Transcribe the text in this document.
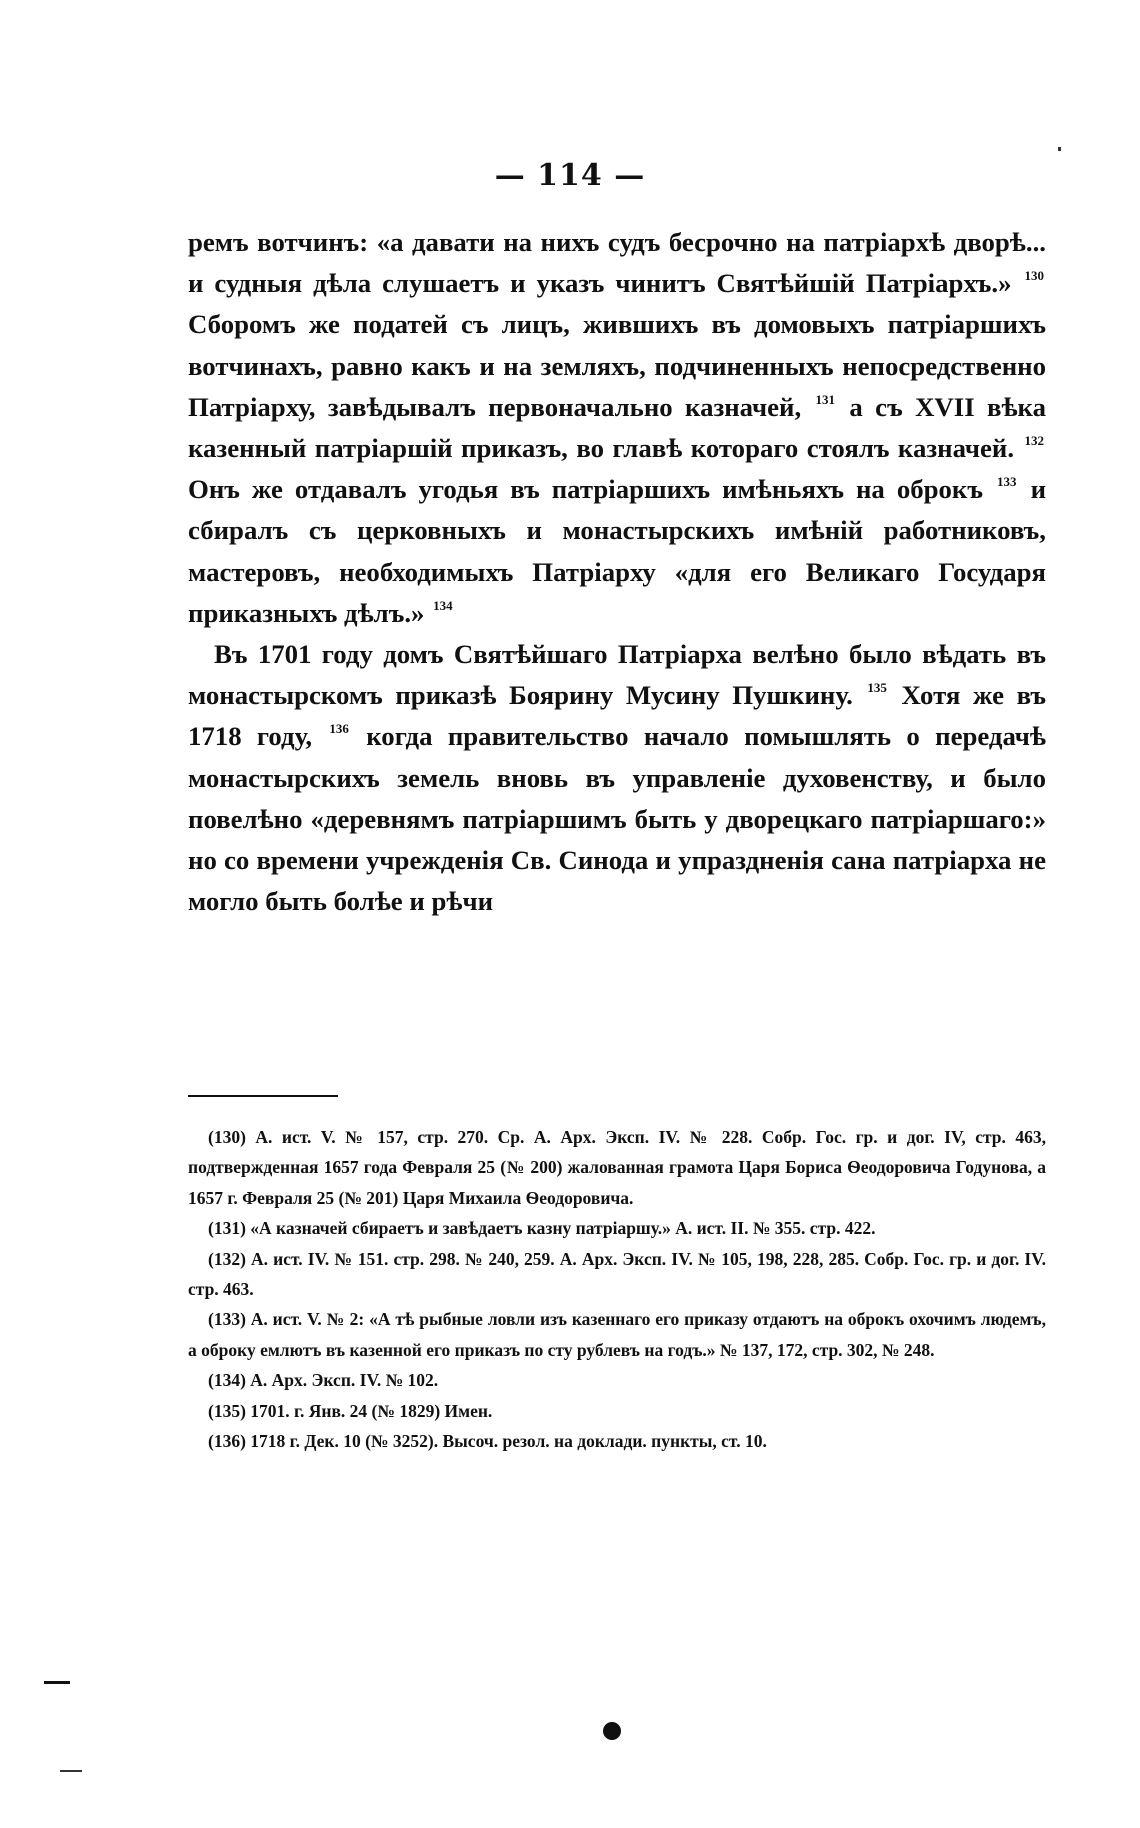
— 114 —

ремъ вотчинъ: «а давати на нихъ судъ бесрочно на патріархѣ дворѣ... и судныя дѣла слушаетъ и указъ чинитъ Святѣйшій Патріархъ.» $^{130}$ Сборомъ же податей съ лицъ, жившихъ въ домовыхъ патріаршихъ вотчинахъ, равно какъ и на земляхъ, подчиненныхъ непосредственно Патріарху, завѣдывалъ первоначально казначей, $^{131}$ а съ XVII вѣка казенный патріаршій приказъ, во главѣ котораго стоялъ казначей. $^{132}$ Онъ же отдавалъ угодья въ патріаршихъ имѣньяхъ на оброкъ $^{133}$ и сбиралъ съ церковныхъ и монастырскихъ имѣній работниковъ, мастеровъ, необходимыхъ Патріарху «для его Великаго Государя приказныхъ дѣлъ.» $^{134}$

Въ 1701 году домъ Святѣйшаго Патріарха велѣно было вѣдать въ монастырскомъ приказѣ Боярину Мусину Пушкину. $^{135}$ Хотя же въ 1718 году, $^{136}$ когда правительство начало помышлять о передачѣ монастырскихъ земель вновь въ управленіе духовенству, и было повелѣно «деревнямъ патріаршимъ быть у дворецкаго патріаршаго:» но со времени учрежденія Св. Синода и упраздненія сана патріарха не могло быть болѣе и рѣчи

(130) А. ист. V. № 157, стр. 270. Ср. А. Арх. Эксп. IV. № 228. Собр. Гос. гр. и дог. IV, стр. 463, подтвержденная 1657 года Февраля 25 (№ 200) жалованная грамота Царя Бориса Ѳеодоровича Годунова, а 1657 г. Февраля 25 (№ 201) Царя Михаила Ѳеодоровича.

(131) «А казначей сбираетъ и завѣдаетъ казну патріаршу.» А. ист. II. № 355. стр. 422.

(132) А. ист. IV. № 151. стр. 298. № 240, 259. А. Арх. Эксп. IV. № 105, 198, 228, 285. Собр. Гос. гр. и дог. IV. стр. 463.

(133) А. ист. V. № 2: «А тѣ рыбные ловли изъ казеннаго его приказу отдаютъ на оброкъ охочимъ людемъ, а оброку емлютъ въ казенной его приказъ по сту рублевъ на годъ.» № 137, 172, стр. 302, № 248.

(134) А. Арх. Эксп. IV. № 102.

(135) 1701. г. Янв. 24 (№ 1829) Имен.

(136) 1718 г. Дек. 10 (№ 3252). Высоч. резол. на доклади. пункты, ст. 10.
